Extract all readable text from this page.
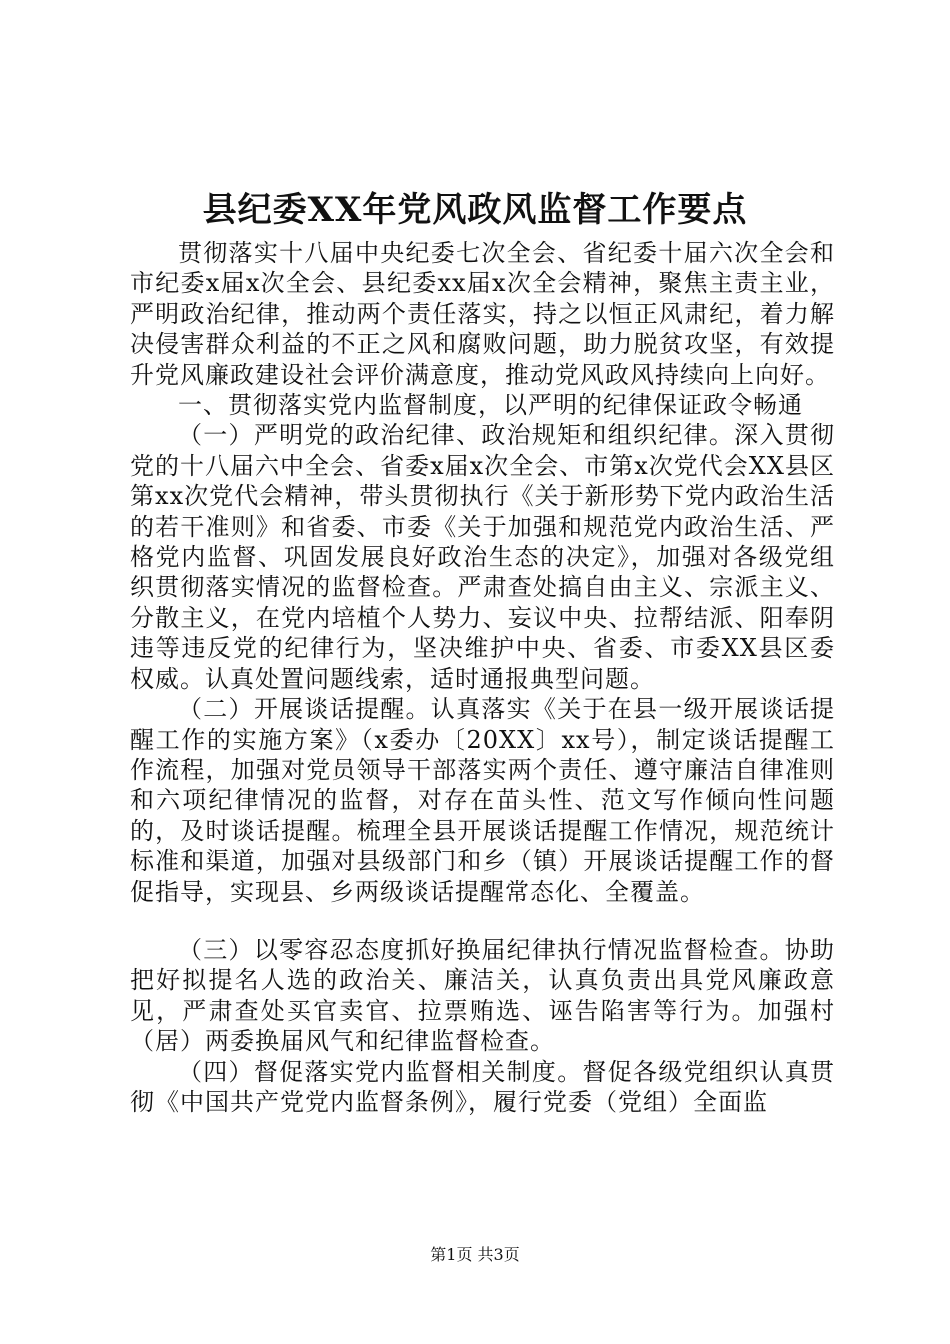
县纪委XX年党风政风监督工作要点

贯彻落实十八届中央纪委七次全会、省纪委十届六次全会和市纪委x届x次全会、县纪委xx届x次全会精神，聚焦主责主业，严明政治纪律，推动两个责任落实，持之以恒正风肃纪，着力解决侵害群众利益的不正之风和腐败问题，助力脱贫攻坚，有效提升党风廉政建设社会评价满意度，推动党风政风持续向上向好。

一、贯彻落实党内监督制度，以严明的纪律保证政令畅通

（一）严明党的政治纪律、政治规矩和组织纪律。深入贯彻党的十八届六中全会、省委x届x次全会、市第x次党代会XX县区第xx次党代会精神，带头贯彻执行《关于新形势下党内政治生活的若干准则》和省委、市委《关于加强和规范党内政治生活、严格党内监督、巩固发展良好政治生态的决定》，加强对各级党组织贯彻落实情况的监督检查。严肃查处搞自由主义、宗派主义、分散主义，在党内培植个人势力、妄议中央、拉帮结派、阳奉阴违等违反党的纪律行为，坚决维护中央、省委、市委XX县区委权威。认真处置问题线索，适时通报典型问题。

（二）开展谈话提醒。认真落实《关于在县一级开展谈话提醒工作的实施方案》（x委办〔20XX〕xx号），制定谈话提醒工作流程，加强对党员领导干部落实两个责任、遵守廉洁自律准则和六项纪律情况的监督，对存在苗头性、范文写作倾向性问题的，及时谈话提醒。梳理全县开展谈话提醒工作情况，规范统计标准和渠道，加强对县级部门和乡（镇）开展谈话提醒工作的督促指导，实现县、乡两级谈话提醒常态化、全覆盖。

（三）以零容忍态度抓好换届纪律执行情况监督检查。协助把好拟提名人选的政治关、廉洁关，认真负责出具党风廉政意见，严肃查处买官卖官、拉票贿选、诬告陷害等行为。加强村（居）两委换届风气和纪律监督检查。

（四）督促落实党内监督相关制度。督促各级党组织认真贯彻《中国共产党党内监督条例》，履行党委（党组）全面监

第1页 共3页
